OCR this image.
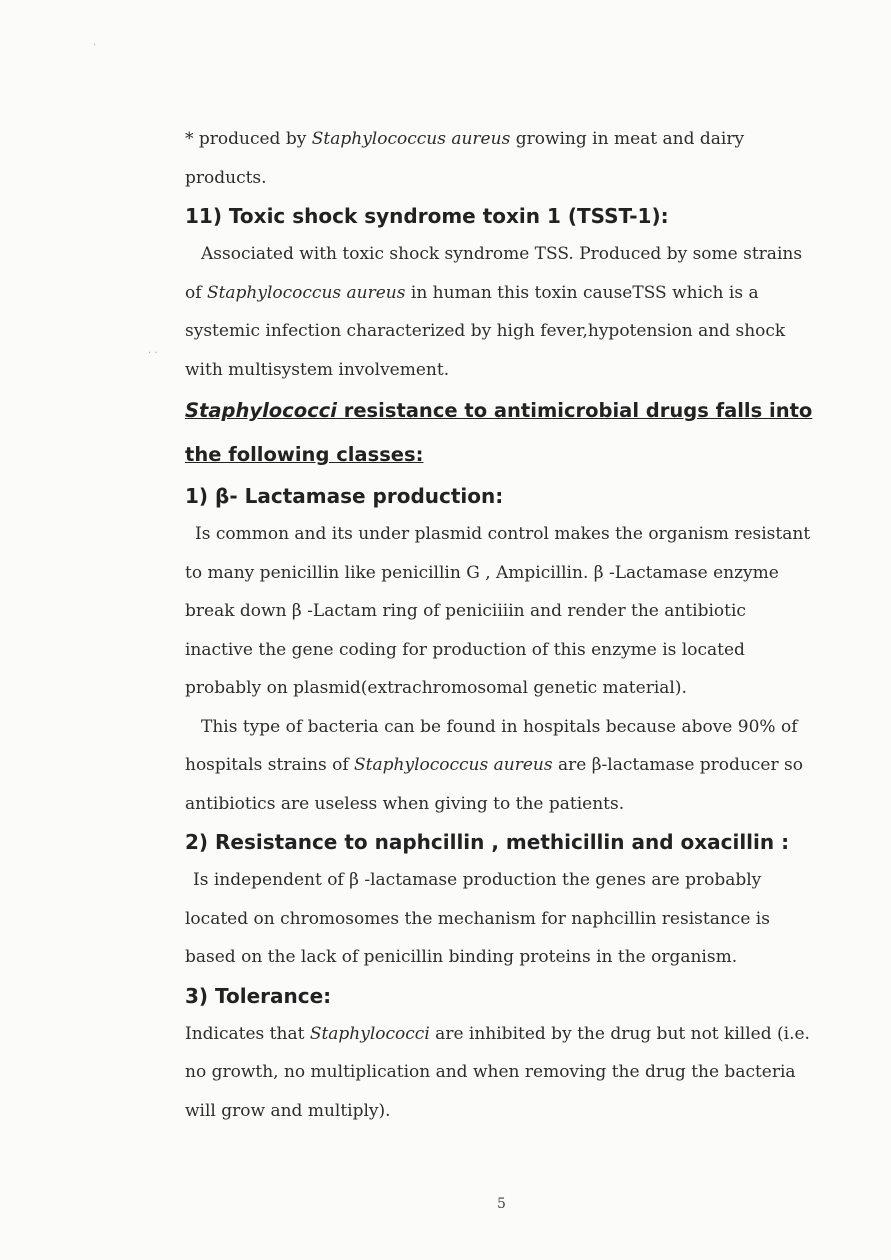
·
· ·

* produced by Staphylococcus aureus growing in meat and dairy products.

11) Toxic shock syndrome toxin 1 (TSST-1):

Associated with toxic shock syndrome TSS. Produced by some strains of Staphylococcus aureus in human this toxin causeTSS which is a systemic infection characterized by high fever,hypotension and shock with multisystem involvement.

Staphylococci resistance to antimicrobial drugs falls into the following classes:
1) β- Lactamase production:

Is common and its under plasmid control makes the organism resistant to many penicillin like penicillin G , Ampicillin. β -Lactamase enzyme break down β -Lactam ring of peniciiiin and render the antibiotic inactive the gene coding for production of this enzyme is located probably on plasmid(extrachromosomal genetic material).

This type of bacteria can be found in hospitals because above 90% of hospitals strains of Staphylococcus aureus are β-lactamase producer so antibiotics are useless when giving to the patients.

2) Resistance to naphcillin , methicillin and oxacillin :

Is independent of β -lactamase production the genes are probably located on chromosomes the mechanism for naphcillin resistance is based on the lack of penicillin binding proteins in the organism.

3) Tolerance:

Indicates that Staphylococci are inhibited by the drug but not killed (i.e. no growth, no multiplication and when removing the drug the bacteria will grow and multiply).

5
